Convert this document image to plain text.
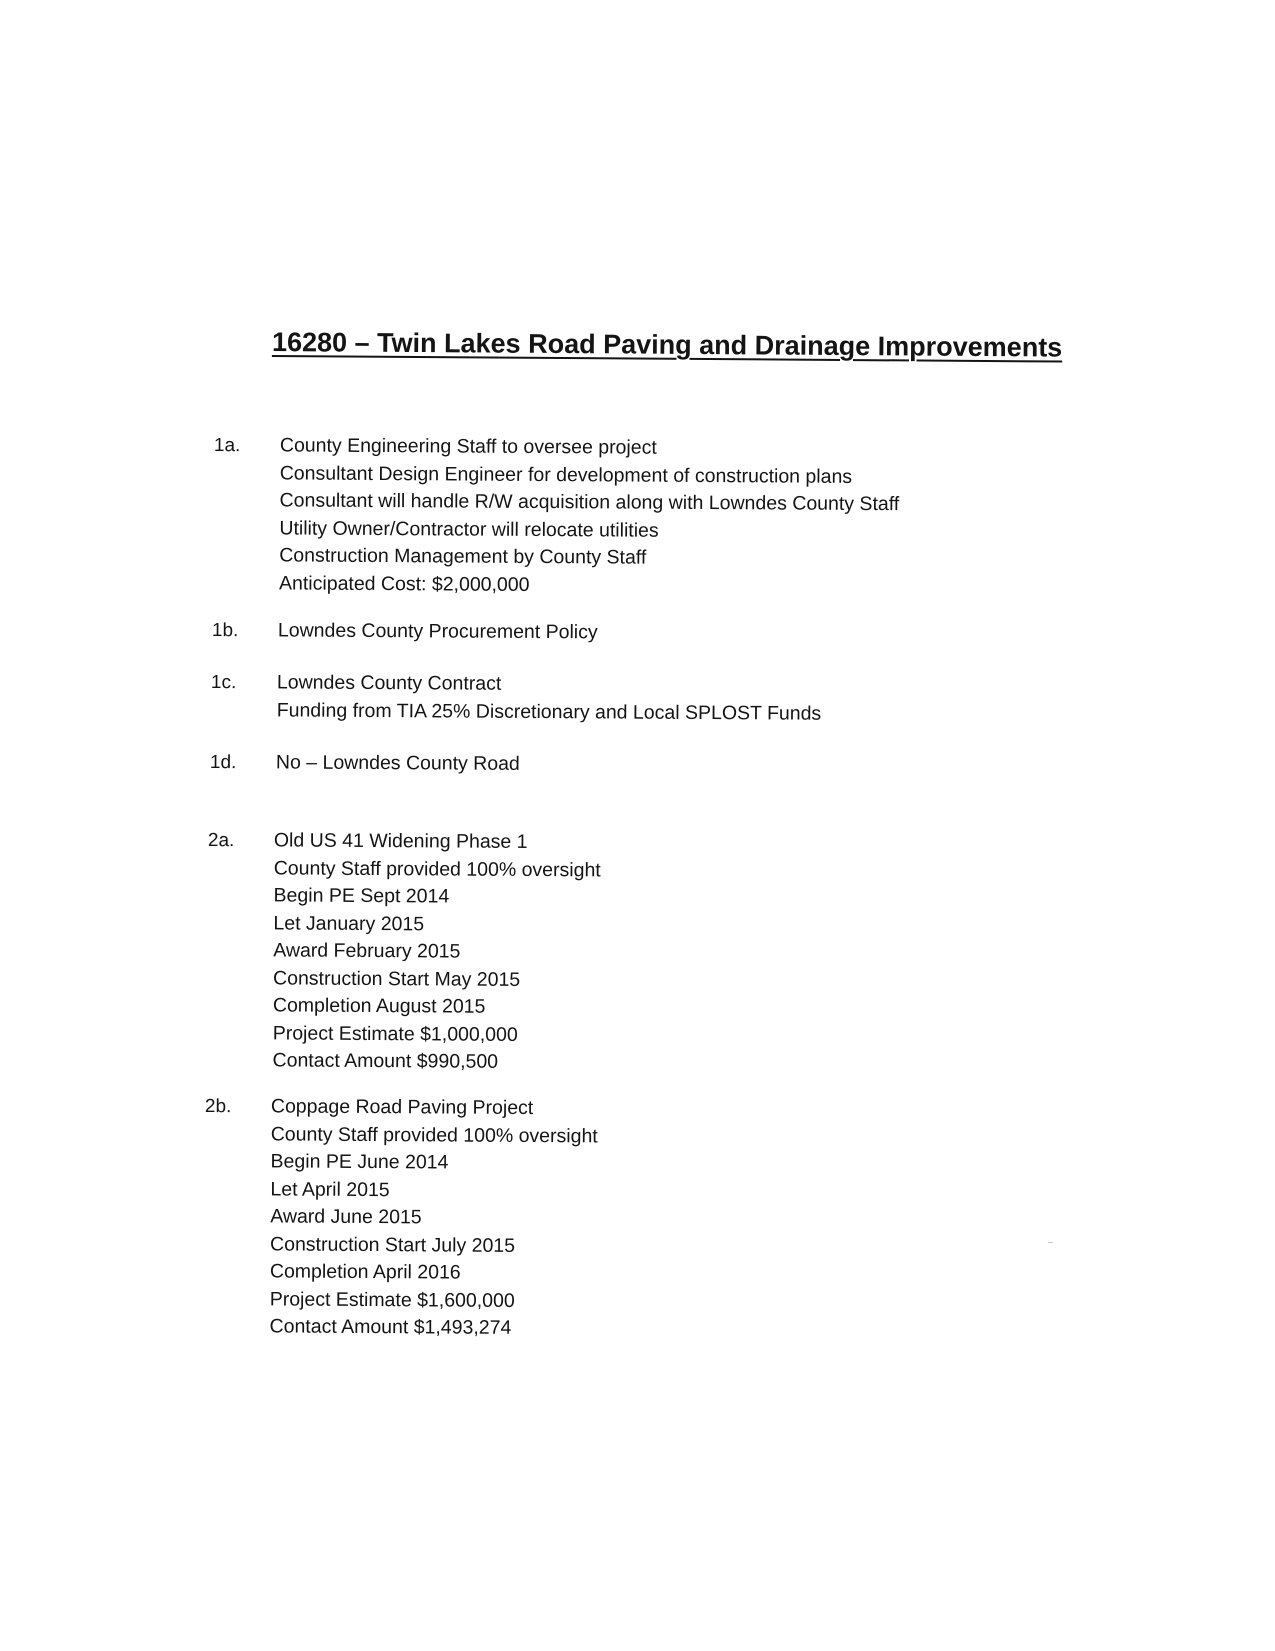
16280 – Twin Lakes Road Paving and Drainage Improvements
1a. County Engineering Staff to oversee project
Consultant Design Engineer for development of construction plans
Consultant will handle R/W acquisition along with Lowndes County Staff
Utility Owner/Contractor will relocate utilities
Construction Management by County Staff
Anticipated Cost: $2,000,000
1b. Lowndes County Procurement Policy
1c. Lowndes County Contract
Funding from TIA 25% Discretionary and Local SPLOST Funds
1d. No – Lowndes County Road
2a. Old US 41 Widening Phase 1
County Staff provided 100% oversight
Begin PE Sept 2014
Let January 2015
Award February 2015
Construction Start May 2015
Completion August 2015
Project Estimate $1,000,000
Contact Amount $990,500
2b. Coppage Road Paving Project
County Staff provided 100% oversight
Begin PE June 2014
Let April 2015
Award June 2015
Construction Start July 2015
Completion April 2016
Project Estimate $1,600,000
Contact Amount $1,493,274
